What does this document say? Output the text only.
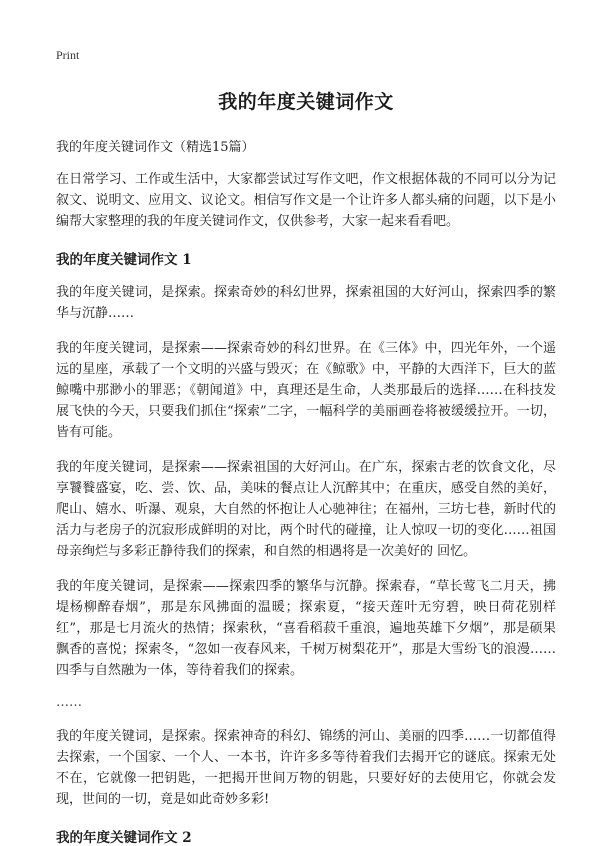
Print
我的年度关键词作文
我的年度关键词作文（精选15篇）

在日常学习、工作或生活中，大家都尝试过写作文吧，作文根据体裁的不同可以分为记叙文、说明文、应用文、议论文。相信写作文是一个让许多人都头痛的问题，以下是小编帮大家整理的我的年度关键词作文，仅供参考，大家一起来看看吧。

我的年度关键词作文 1

我的年度关键词，是探索。探索奇妙的科幻世界，探索祖国的大好河山，探索四季的繁华与沉静……

我的年度关键词，是探索——探索奇妙的科幻世界。在《三体》中，四光年外，一个遥远的星座，承载了一个文明的兴盛与毁灭；在《鲸歌》中，平静的大西洋下，巨大的蓝鲸嘴中那渺小的罪恶；《朝闻道》中，真理还是生命，人类那最后的选择……在科技发展飞快的今天，只要我们抓住“探索”二字，一幅科学的美丽画卷将被缓缓拉开。一切，皆有可能。

我的年度关键词，是探索——探索祖国的大好河山。在广东，探索古老的饮食文化，尽享饕餮盛宴，吃、尝、饮、品，美味的餐点让人沉醉其中；在重庆，感受自然的美好，爬山、嬉水、听瀑、观泉，大自然的怀抱让人心驰神往；在福州，三坊七巷，新时代的活力与老房子的沉寂形成鲜明的对比，两个时代的碰撞，让人惊叹一切的变化……祖国母亲绚烂与多彩正静待我们的探索，和自然的相遇将是一次美好的 回忆。

我的年度关键词，是探索——探索四季的繁华与沉静。探索春，“草长莺飞二月天，拂堤杨柳醉春烟”，那是东风拂面的温暖；探索夏，“接天莲叶无穷碧，映日荷花别样红”，那是七月流火的热情；探索秋，“喜看稻菽千重浪，遍地英雄下夕烟”，那是硕果飘香的喜悦；探索冬，“忽如一夜春风来，千树万树梨花开”，那是大雪纷飞的浪漫……四季与自然融为一体，等待着我们的探索。

……

我的年度关键词，是探索。探索神奇的科幻、锦绣的河山、美丽的四季……一切都值得去探索，一个国家、一个人、一本书，许许多多等待着我们去揭开它的谜底。探索无处不在，它就像一把钥匙，一把揭开世间万物的钥匙，只要好好的去使用它，你就会发现，世间的一切，竟是如此奇妙多彩!

我的年度关键词作文 2
